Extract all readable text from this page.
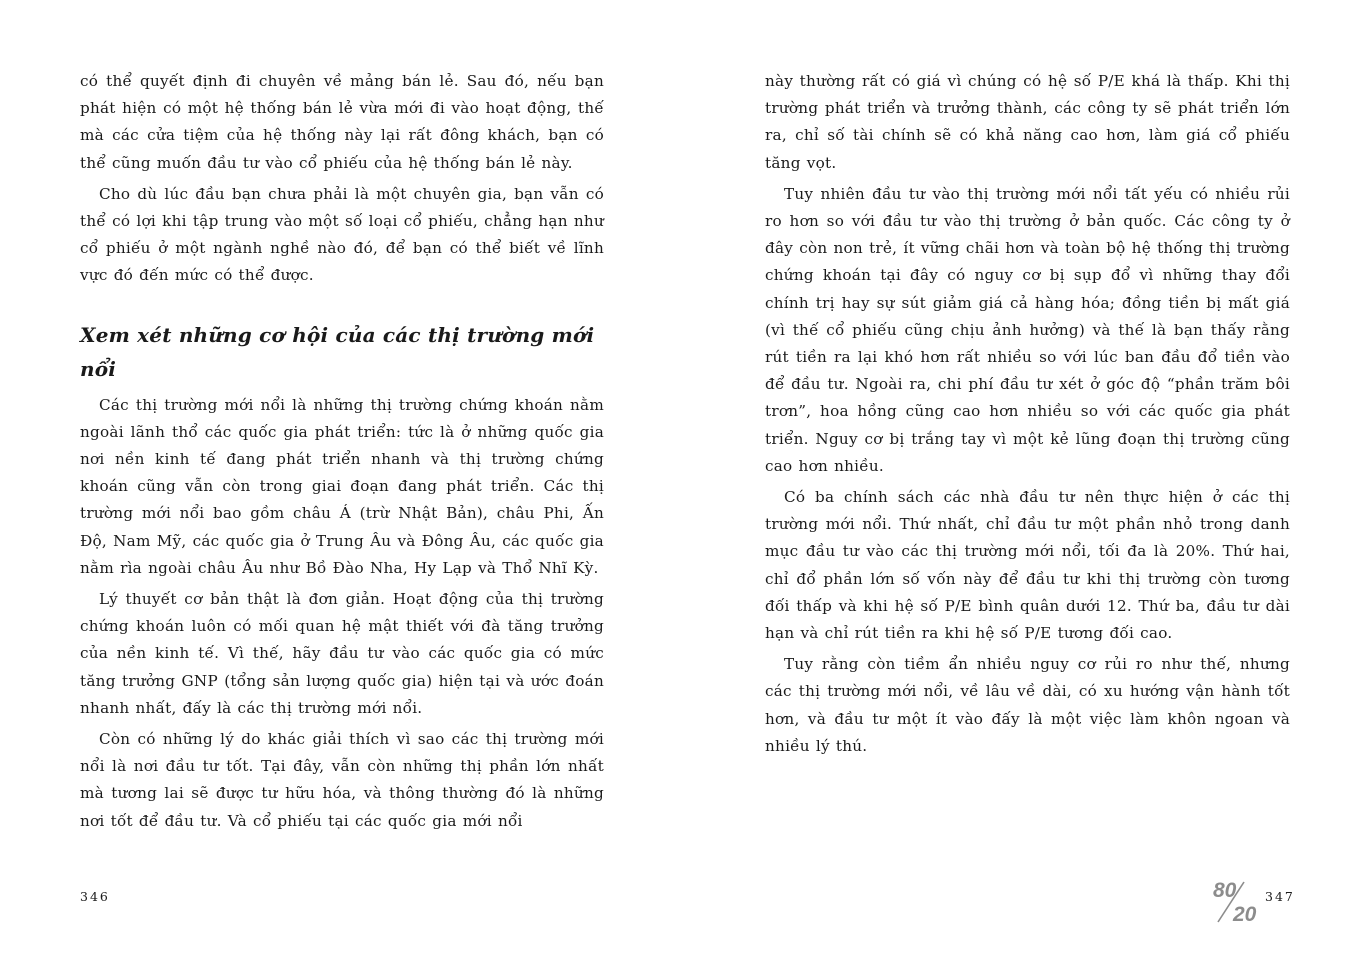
có thể quyết định đi chuyên về mảng bán lẻ. Sau đó, nếu bạn phát hiện có một hệ thống bán lẻ vừa mới đi vào hoạt động, thế mà các cửa tiệm của hệ thống này lại rất đông khách, bạn có thể cũng muốn đầu tư vào cổ phiếu của hệ thống bán lẻ này.

Cho dù lúc đầu bạn chưa phải là một chuyên gia, bạn vẫn có thể có lợi khi tập trung vào một số loại cổ phiếu, chẳng hạn như cổ phiếu ở một ngành nghề nào đó, để bạn có thể biết về lĩnh vực đó đến mức có thể được.

Xem xét những cơ hội của các thị trường mới nổi

Các thị trường mới nổi là những thị trường chứng khoán nằm ngoài lãnh thổ các quốc gia phát triển: tức là ở những quốc gia nơi nền kinh tế đang phát triển nhanh và thị trường chứng khoán cũng vẫn còn trong giai đoạn đang phát triển. Các thị trường mới nổi bao gồm châu Á (trừ Nhật Bản), châu Phi, Ấn Độ, Nam Mỹ, các quốc gia ở Trung Âu và Đông Âu, các quốc gia nằm rìa ngoài châu Âu như Bồ Đào Nha, Hy Lạp và Thổ Nhĩ Kỳ.

Lý thuyết cơ bản thật là đơn giản. Hoạt động của thị trường chứng khoán luôn có mối quan hệ mật thiết với đà tăng trưởng của nền kinh tế. Vì thế, hãy đầu tư vào các quốc gia có mức tăng trưởng GNP (tổng sản lượng quốc gia) hiện tại và ước đoán nhanh nhất, đấy là các thị trường mới nổi.

Còn có những lý do khác giải thích vì sao các thị trường mới nổi là nơi đầu tư tốt. Tại đây, vẫn còn những thị phần lớn nhất mà tương lai sẽ được tư hữu hóa, và thông thường đó là những nơi tốt để đầu tư. Và cổ phiếu tại các quốc gia mới nổi

346

này thường rất có giá vì chúng có hệ số P/E khá là thấp. Khi thị trường phát triển và trưởng thành, các công ty sẽ phát triển lớn ra, chỉ số tài chính sẽ có khả năng cao hơn, làm giá cổ phiếu tăng vọt.

Tuy nhiên đầu tư vào thị trường mới nổi tất yếu có nhiều rủi ro hơn so với đầu tư vào thị trường ở bản quốc. Các công ty ở đây còn non trẻ, ít vững chãi hơn và toàn bộ hệ thống thị trường chứng khoán tại đây có nguy cơ bị sụp đổ vì những thay đổi chính trị hay sự sút giảm giá cả hàng hóa; đồng tiền bị mất giá (vì thế cổ phiếu cũng chịu ảnh hưởng) và thế là bạn thấy rằng rút tiền ra lại khó hơn rất nhiều so với lúc ban đầu đổ tiền vào để đầu tư. Ngoài ra, chi phí đầu tư xét ở góc độ “phần trăm bôi trơn”, hoa hồng cũng cao hơn nhiều so với các quốc gia phát triển. Nguy cơ bị trắng tay vì một kẻ lũng đoạn thị trường cũng cao hơn nhiều.

Có ba chính sách các nhà đầu tư nên thực hiện ở các thị trường mới nổi. Thứ nhất, chỉ đầu tư một phần nhỏ trong danh mục đầu tư vào các thị trường mới nổi, tối đa là 20%. Thứ hai, chỉ đổ phần lớn số vốn này để đầu tư khi thị trường còn tương đối thấp và khi hệ số P/E bình quân dưới 12. Thứ ba, đầu tư dài hạn và chỉ rút tiền ra khi hệ số P/E tương đối cao.

Tuy rằng còn tiềm ẩn nhiều nguy cơ rủi ro như thế, nhưng các thị trường mới nổi, về lâu về dài, có xu hướng vận hành tốt hơn, và đầu tư một ít vào đấy là một việc làm khôn ngoan và nhiều lý thú.

80
20
347
